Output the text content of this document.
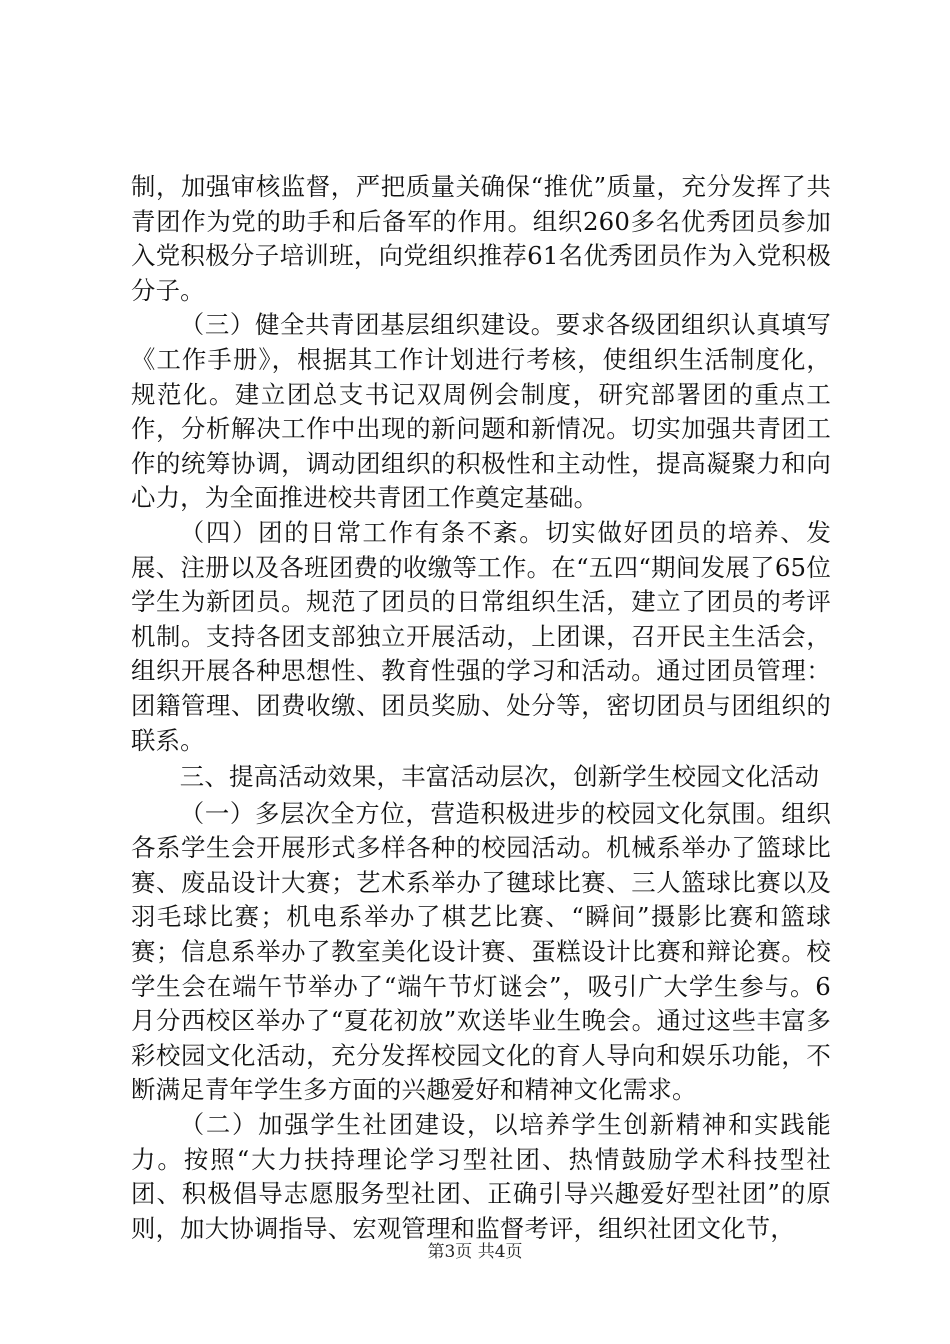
制，加强审核监督，严把质量关确保“推优”质量，充分发挥了共青团作为党的助手和后备军的作用。组织260多名优秀团员参加入党积极分子培训班，向党组织推荐61名优秀团员作为入党积极分子。

（三）健全共青团基层组织建设。要求各级团组织认真填写《工作手册》，根据其工作计划进行考核，使组织生活制度化，规范化。建立团总支书记双周例会制度，研究部署团的重点工作，分析解决工作中出现的新问题和新情况。切实加强共青团工作的统筹协调，调动团组织的积极性和主动性，提高凝聚力和向心力，为全面推进校共青团工作奠定基础。

（四）团的日常工作有条不紊。切实做好团员的培养、发展、注册以及各班团费的收缴等工作。在“五四“期间发展了65位学生为新团员。规范了团员的日常组织生活，建立了团员的考评机制。支持各团支部独立开展活动，上团课，召开民主生活会，组织开展各种思想性、教育性强的学习和活动。通过团员管理：团籍管理、团费收缴、团员奖励、处分等，密切团员与团组织的联系。

三、提高活动效果，丰富活动层次，创新学生校园文化活动

（一）多层次全方位，营造积极进步的校园文化氛围。组织各系学生会开展形式多样各种的校园活动。机械系举办了篮球比赛、废品设计大赛；艺术系举办了毽球比赛、三人篮球比赛以及羽毛球比赛；机电系举办了棋艺比赛、“瞬间”摄影比赛和篮球赛；信息系举办了教室美化设计赛、蛋糕设计比赛和辩论赛。校学生会在端午节举办了“端午节灯谜会”，吸引广大学生参与。6月分西校区举办了“夏花初放”欢送毕业生晚会。通过这些丰富多彩校园文化活动，充分发挥校园文化的育人导向和娱乐功能，不断满足青年学生多方面的兴趣爱好和精神文化需求。

（二）加强学生社团建设，以培养学生创新精神和实践能力。按照“大力扶持理论学习型社团、热情鼓励学术科技型社团、积极倡导志愿服务型社团、正确引导兴趣爱好型社团”的原则，加大协调指导、宏观管理和监督考评，组织社团文化节，

第3页 共4页
